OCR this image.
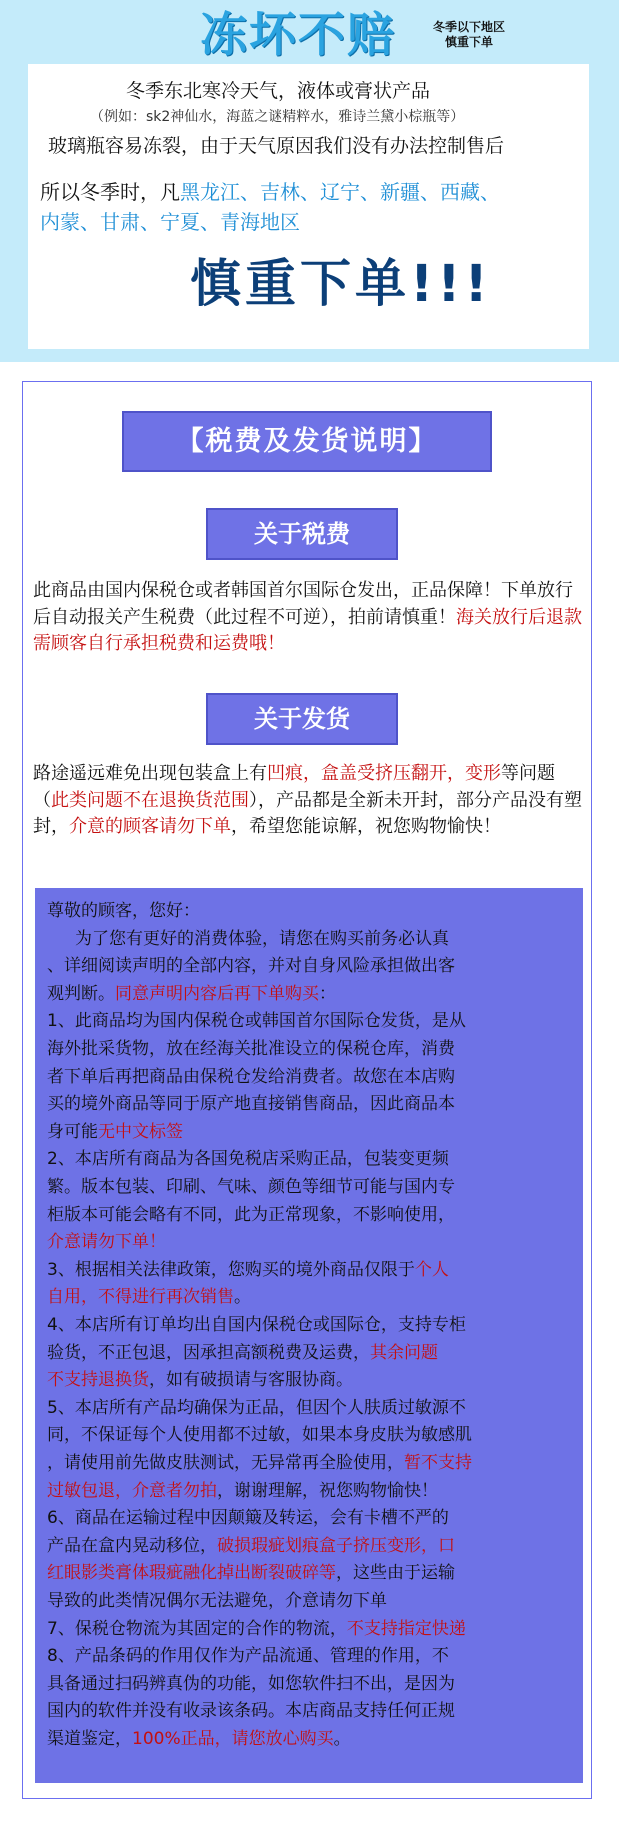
冻坏不赔	冬季以下地区
慎重下单
冬季东北寒冷天气，液体或膏状产品
（例如：sk2神仙水，海蓝之谜精粹水，雅诗兰黛小棕瓶等）
玻璃瓶容易冻裂，由于天气原因我们没有办法控制售后
所以冬季时，凡黑龙江、吉林、辽宁、新疆、西藏、
内蒙、甘肃、宁夏、青海地区
慎重下单!!!
【税费及发货说明】
关于税费
此商品由国内保税仓或者韩国首尔国际仓发出，正品保障！下单放行后自动报关产生税费（此过程不可逆），拍前请慎重！海关放行后退款需顾客自行承担税费和运费哦！
关于发货
路途遥远难免出现包装盒上有凹痕，盒盖受挤压翻开，变形等问题（此类问题不在退换货范围），产品都是全新未开封，部分产品没有塑封，介意的顾客请勿下单，希望您能谅解，祝您购物愉快！
尊敬的顾客，您好：
为了您有更好的消费体验，请您在购买前务必认真
、详细阅读声明的全部内容，并对自身风险承担做出客
观判断。同意声明内容后再下单购买：
1、此商品均为国内保税仓或韩国首尔国际仓发货，是从
海外批采货物，放在经海关批准设立的保税仓库，消费
者下单后再把商品由保税仓发给消费者。故您在本店购
买的境外商品等同于原产地直接销售商品，因此商品本
身可能无中文标签
2、本店所有商品为各国免税店采购正品，包装变更频
繁。版本包装、印刷、气味、颜色等细节可能与国内专
柜版本可能会略有不同，此为正常现象，不影响使用，
介意请勿下单！
3、根据相关法律政策，您购买的境外商品仅限于个人
自用，不得进行再次销售。
4、本店所有订单均出自国内保税仓或国际仓，支持专柜
验货，不正包退，因承担高额税费及运费，其余问题
不支持退换货，如有破损请与客服协商。
5、本店所有产品均确保为正品，但因个人肤质过敏源不
同，不保证每个人使用都不过敏，如果本身皮肤为敏感肌
，请使用前先做皮肤测试，无异常再全脸使用，暂不支持
过敏包退，介意者勿拍，谢谢理解，祝您购物愉快！
6、商品在运输过程中因颠簸及转运，会有卡槽不严的
产品在盒内晃动移位，破损瑕疵划痕盒子挤压变形，口
红眼影类膏体瑕疵融化掉出断裂破碎等，这些由于运输
导致的此类情况偶尔无法避免，介意请勿下单
7、保税仓物流为其固定的合作的物流，不支持指定快递
8、产品条码的作用仅作为产品流通、管理的作用，不
具备通过扫码辨真伪的功能，如您软件扫不出，是因为
国内的软件并没有收录该条码。本店商品支持任何正规
渠道鉴定，100%正品，请您放心购买。
